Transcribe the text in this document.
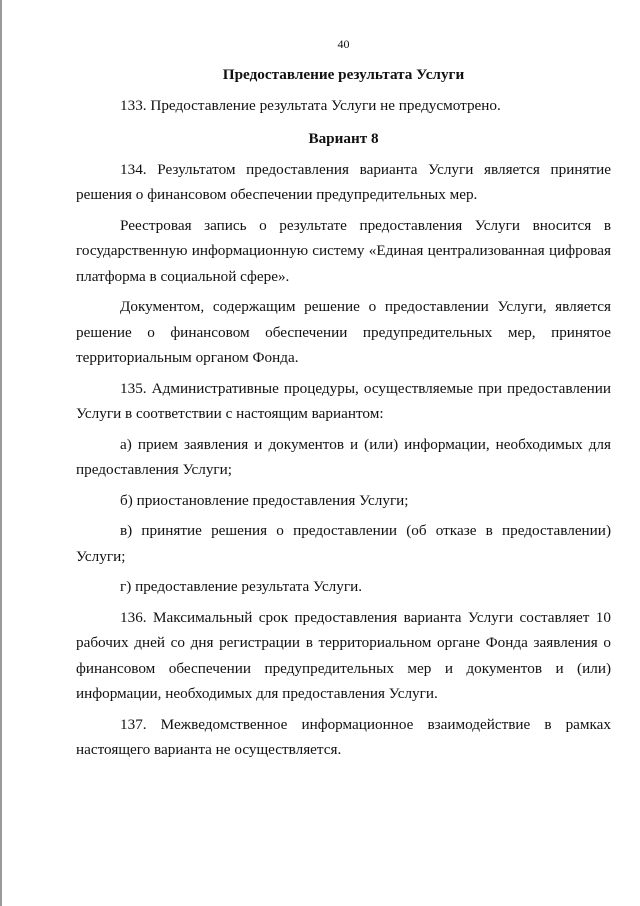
40

Предоставление результата Услуги

133. Предоставление результата Услуги не предусмотрено.

Вариант 8

134. Результатом предоставления варианта Услуги является принятие решения о финансовом обеспечении предупредительных мер.

Реестровая запись о результате предоставления Услуги вносится в государственную информационную систему «Единая централизованная цифровая платформа в социальной сфере».

Документом, содержащим решение о предоставлении Услуги, является решение о финансовом обеспечении предупредительных мер, принятое территориальным органом Фонда.

135. Административные процедуры, осуществляемые при предоставлении Услуги в соответствии с настоящим вариантом:

а) прием заявления и документов и (или) информации, необходимых для предоставления Услуги;

б) приостановление предоставления Услуги;

в) принятие решения о предоставлении (об отказе в предоставлении) Услуги;

г) предоставление результата Услуги.

136. Максимальный срок предоставления варианта Услуги составляет 10 рабочих дней со дня регистрации в территориальном органе Фонда заявления о финансовом обеспечении предупредительных мер и документов и (или) информации, необходимых для предоставления Услуги.

137. Межведомственное информационное взаимодействие в рамках настоящего варианта не осуществляется.
